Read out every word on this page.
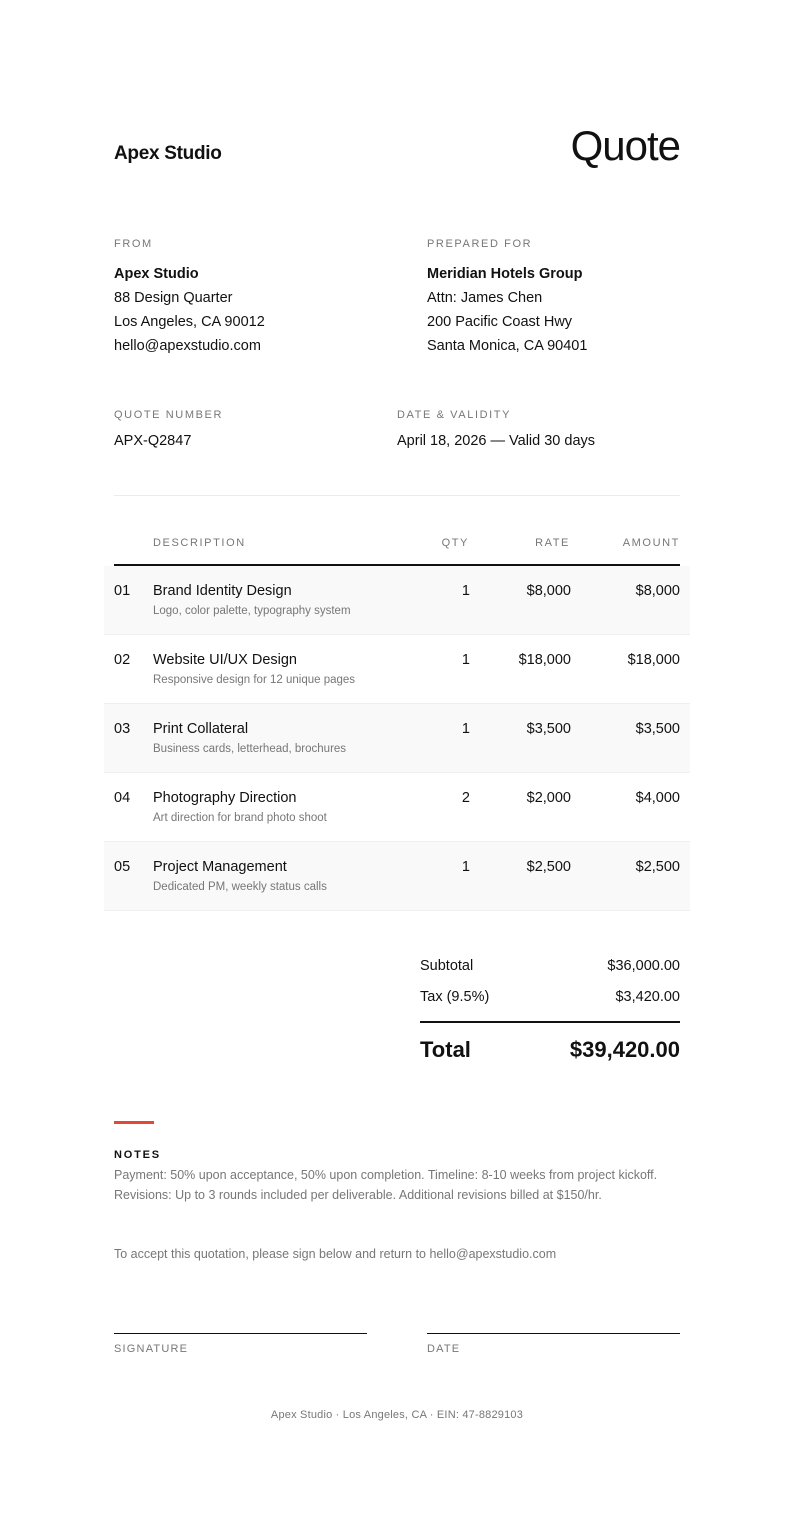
Apex Studio	Quote
FROM
Apex Studio
88 Design Quarter
Los Angeles, CA 90012
hello@apexstudio.com
PREPARED FOR
Meridian Hotels Group
Attn: James Chen
200 Pacific Coast Hwy
Santa Monica, CA 90401
QUOTE NUMBER
APX-Q2847
DATE & VALIDITY
April 18, 2026 — Valid 30 days
DESCRIPTION	QTY	RATE	AMOUNT
01 Brand Identity Design
Logo, color palette, typography system
1	$8,000	$8,000
02 Website UI/UX Design
Responsive design for 12 unique pages
1	$18,000	$18,000
03 Print Collateral
Business cards, letterhead, brochures
1	$3,500	$3,500
04 Photography Direction
Art direction for brand photo shoot
2	$2,000	$4,000
05 Project Management
Dedicated PM, weekly status calls
1	$2,500	$2,500
Subtotal	$36,000.00
Tax (9.5%)	$3,420.00
Total	$39,420.00
NOTES
Payment: 50% upon acceptance, 50% upon completion. Timeline: 8-10 weeks from project kickoff.
Revisions: Up to 3 rounds included per deliverable. Additional revisions billed at $150/hr.
To accept this quotation, please sign below and return to hello@apexstudio.com
SIGNATURE	DATE
Apex Studio · Los Angeles, CA · EIN: 47-8829103
